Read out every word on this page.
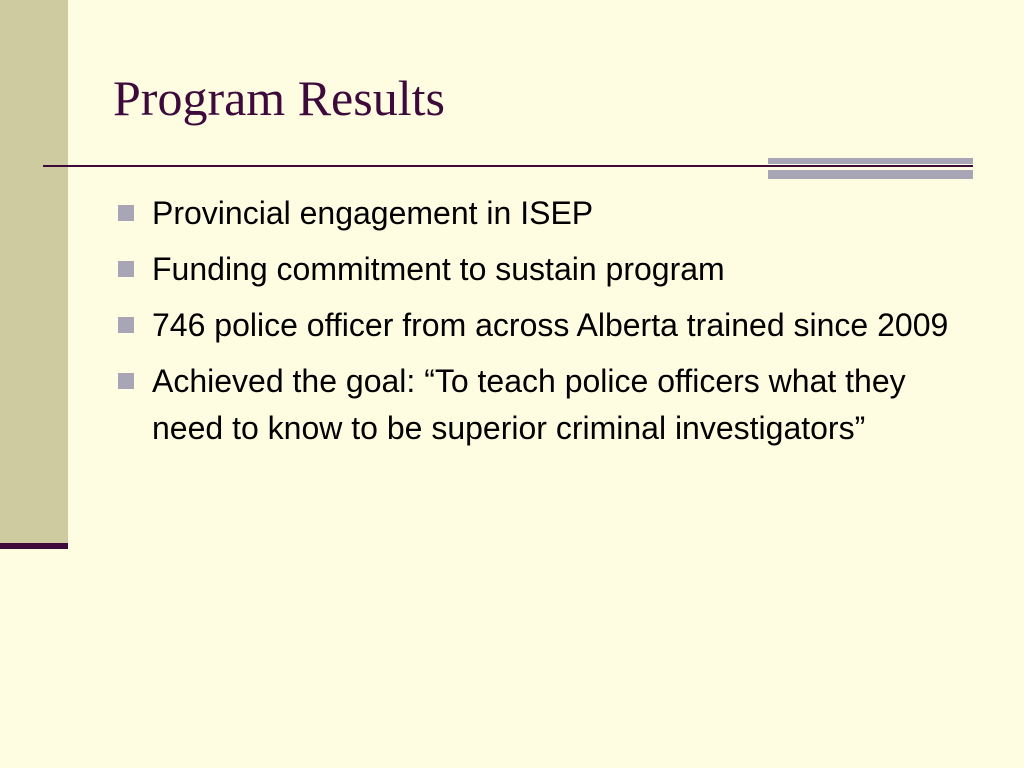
Program Results
Provincial engagement in ISEP
Funding commitment to sustain program
746 police officer from across Alberta trained since 2009
Achieved the goal: “To teach police officers what they need to know to be superior criminal investigators”
